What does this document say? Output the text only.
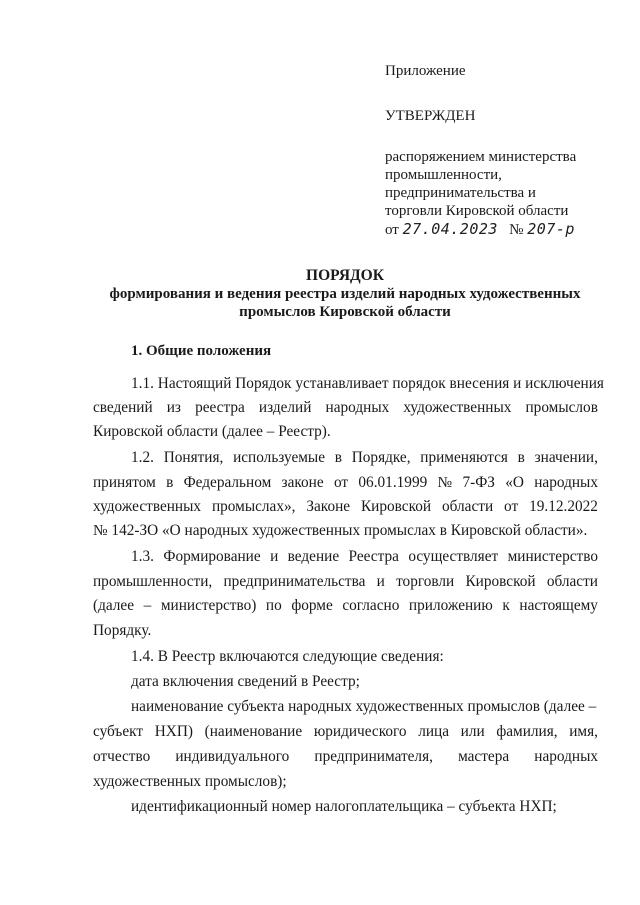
Приложение
УТВЕРЖДЕН
распоряжением министерства
промышленности,
предпринимательства и
торговли Кировской области
от 27.04.2023 № 207-р
ПОРЯДОК
формирования и ведения реестра изделий народных художественных
промыслов Кировской области
1. Общие положения
1.1. Настоящий Порядок устанавливает порядок внесения и исключения
сведений из реестра изделий народных художественных промыслов
Кировской области (далее – Реестр).
1.2. Понятия, используемые в Порядке, применяются в значении,
принятом в Федеральном законе от 06.01.1999 № 7-ФЗ «О народных
художественных промыслах», Законе Кировской области от 19.12.2022
№ 142-ЗО «О народных художественных промыслах в Кировской области».
1.3. Формирование и ведение Реестра осуществляет министерство
промышленности, предпринимательства и торговли Кировской области
(далее – министерство) по форме согласно приложению к настоящему
Порядку.
1.4. В Реестр включаются следующие сведения:
дата включения сведений в Реестр;
наименование субъекта народных художественных промыслов (далее –
субъект НХП) (наименование юридического лица или фамилия, имя,
отчество индивидуального предпринимателя, мастера народных
художественных промыслов);
идентификационный номер налогоплательщика – субъекта НХП;
